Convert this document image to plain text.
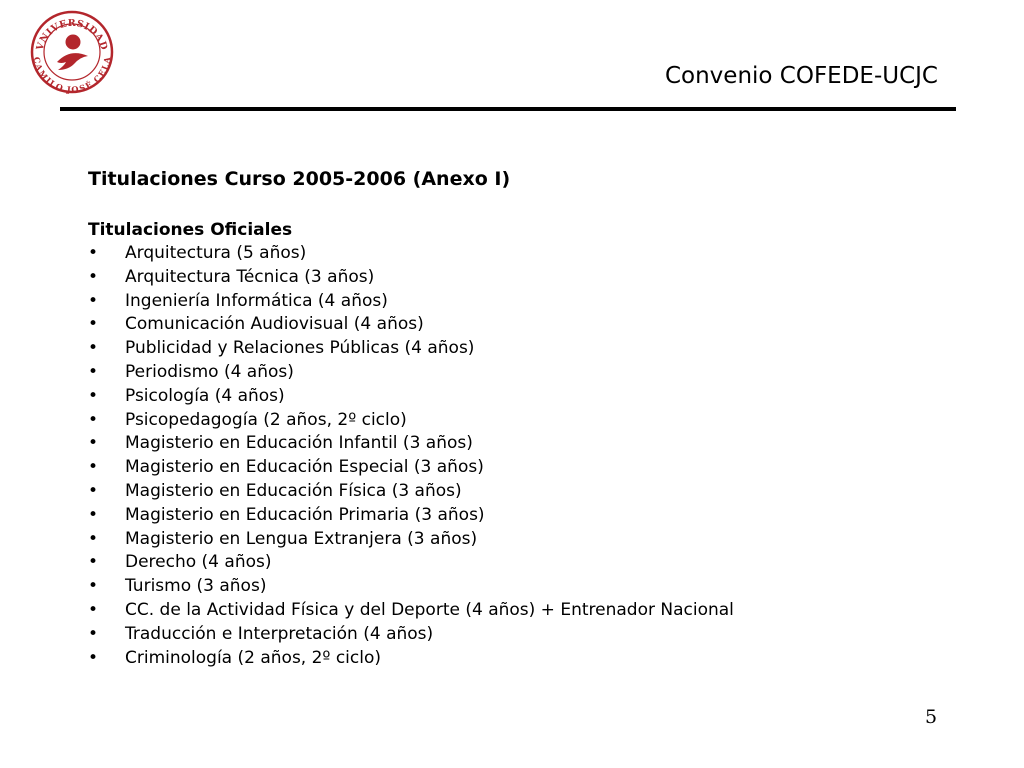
VNIVERSIDAD
CAMILO JOSÉ CELA
Convenio COFEDE-UCJC
Titulaciones Curso 2005-2006 (Anexo I)
Titulaciones Oficiales
• Arquitectura (5 años)
• Arquitectura Técnica (3 años)
• Ingeniería Informática (4 años)
• Comunicación Audiovisual (4 años)
• Publicidad y Relaciones Públicas (4 años)
• Periodismo (4 años)
• Psicología (4 años)
• Psicopedagogía (2 años, 2º ciclo)
• Magisterio en Educación Infantil (3 años)
• Magisterio en Educación Especial (3 años)
• Magisterio en Educación Física (3 años)
• Magisterio en Educación Primaria (3 años)
• Magisterio en Lengua Extranjera (3 años)
• Derecho (4 años)
• Turismo (3 años)
• CC. de la Actividad Física y del Deporte (4 años) + Entrenador Nacional
• Traducción e Interpretación (4 años)
• Criminología (2 años, 2º ciclo)
5
